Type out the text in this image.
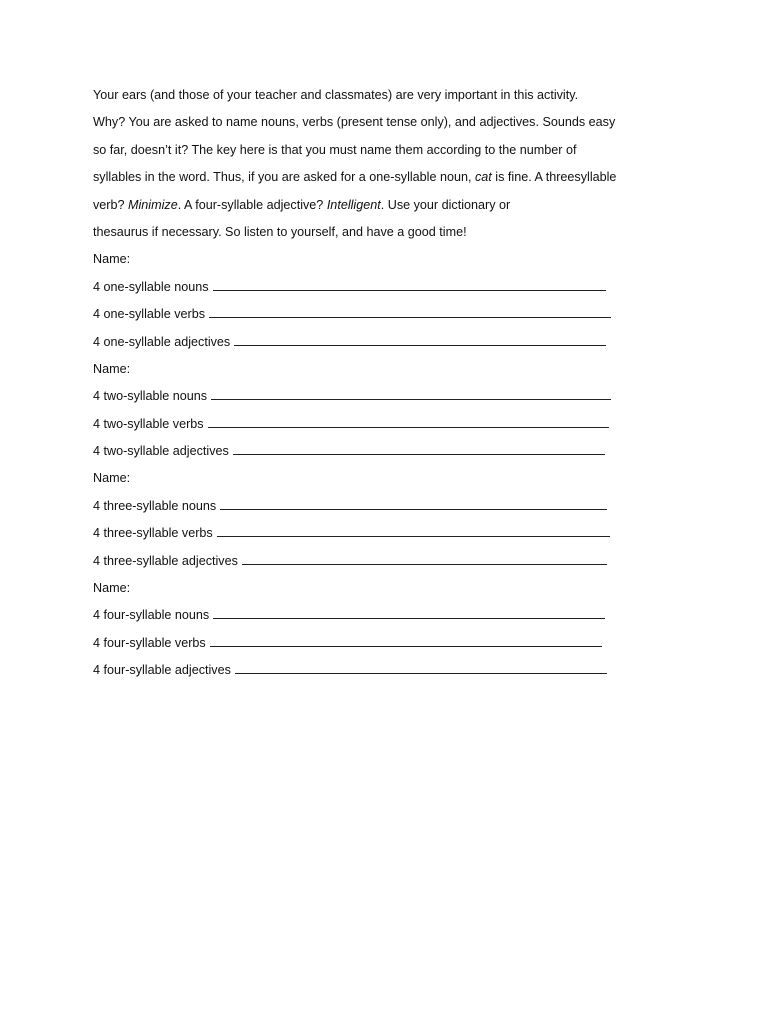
Your ears (and those of your teacher and classmates) are very important in this activity.
Why? You are asked to name nouns, verbs (present tense only), and adjectives. Sounds easy
so far, doesn’t it? The key here is that you must name them according to the number of
syllables in the word. Thus, if you are asked for a one-syllable noun, cat is fine. A threesyllable
verb? Minimize. A four-syllable adjective? Intelligent. Use your dictionary or
thesaurus if necessary. So listen to yourself, and have a good time!
Name:
4 one-syllable nouns
4 one-syllable verbs
4 one-syllable adjectives
Name:
4 two-syllable nouns
4 two-syllable verbs
4 two-syllable adjectives
Name:
4 three-syllable nouns
4 three-syllable verbs
4 three-syllable adjectives
Name:
4 four-syllable nouns
4 four-syllable verbs
4 four-syllable adjectives
